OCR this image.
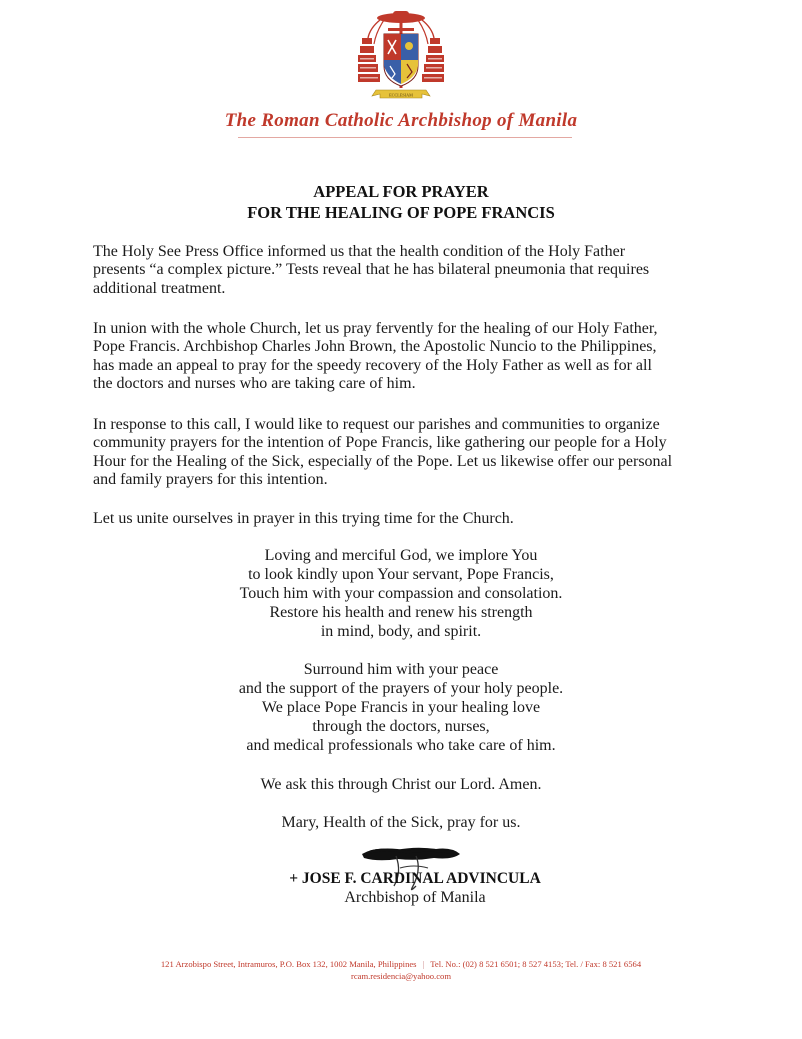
ECCLESIAM
The Roman Catholic Archbishop of Manila
APPEAL FOR PRAYER
FOR THE HEALING OF POPE FRANCIS
The Holy See Press Office informed us that the health condition of the Holy Father
presents “a complex picture.” Tests reveal that he has bilateral pneumonia that requires
additional treatment.
In union with the whole Church, let us pray fervently for the healing of our Holy Father,
Pope Francis. Archbishop Charles John Brown, the Apostolic Nuncio to the Philippines,
has made an appeal to pray for the speedy recovery of the Holy Father as well as for all
the doctors and nurses who are taking care of him.
In response to this call, I would like to request our parishes and communities to organize
community prayers for the intention of Pope Francis, like gathering our people for a Holy
Hour for the Healing of the Sick, especially of the Pope. Let us likewise offer our personal
and family prayers for this intention.
Let us unite ourselves in prayer in this trying time for the Church.
Loving and merciful God, we implore You
to look kindly upon Your servant, Pope Francis,
Touch him with your compassion and consolation.
Restore his health and renew his strength
in mind, body, and spirit.
Surround him with your peace
and the support of the prayers of your holy people.
We place Pope Francis in your healing love
through the doctors, nurses,
and medical professionals who take care of him.
We ask this through Christ our Lord. Amen.
Mary, Health of the Sick, pray for us.
+ JOSE F. CARDINAL ADVINCULA
Archbishop of Manila
121 Arzobispo Street, Intramuros, P.O. Box 132, 1002 Manila, Philippines | Tel. No.: (02) 8 521 6501; 8 527 4153; Tel. / Fax: 8 521 6564
rcam.residencia@yahoo.com
